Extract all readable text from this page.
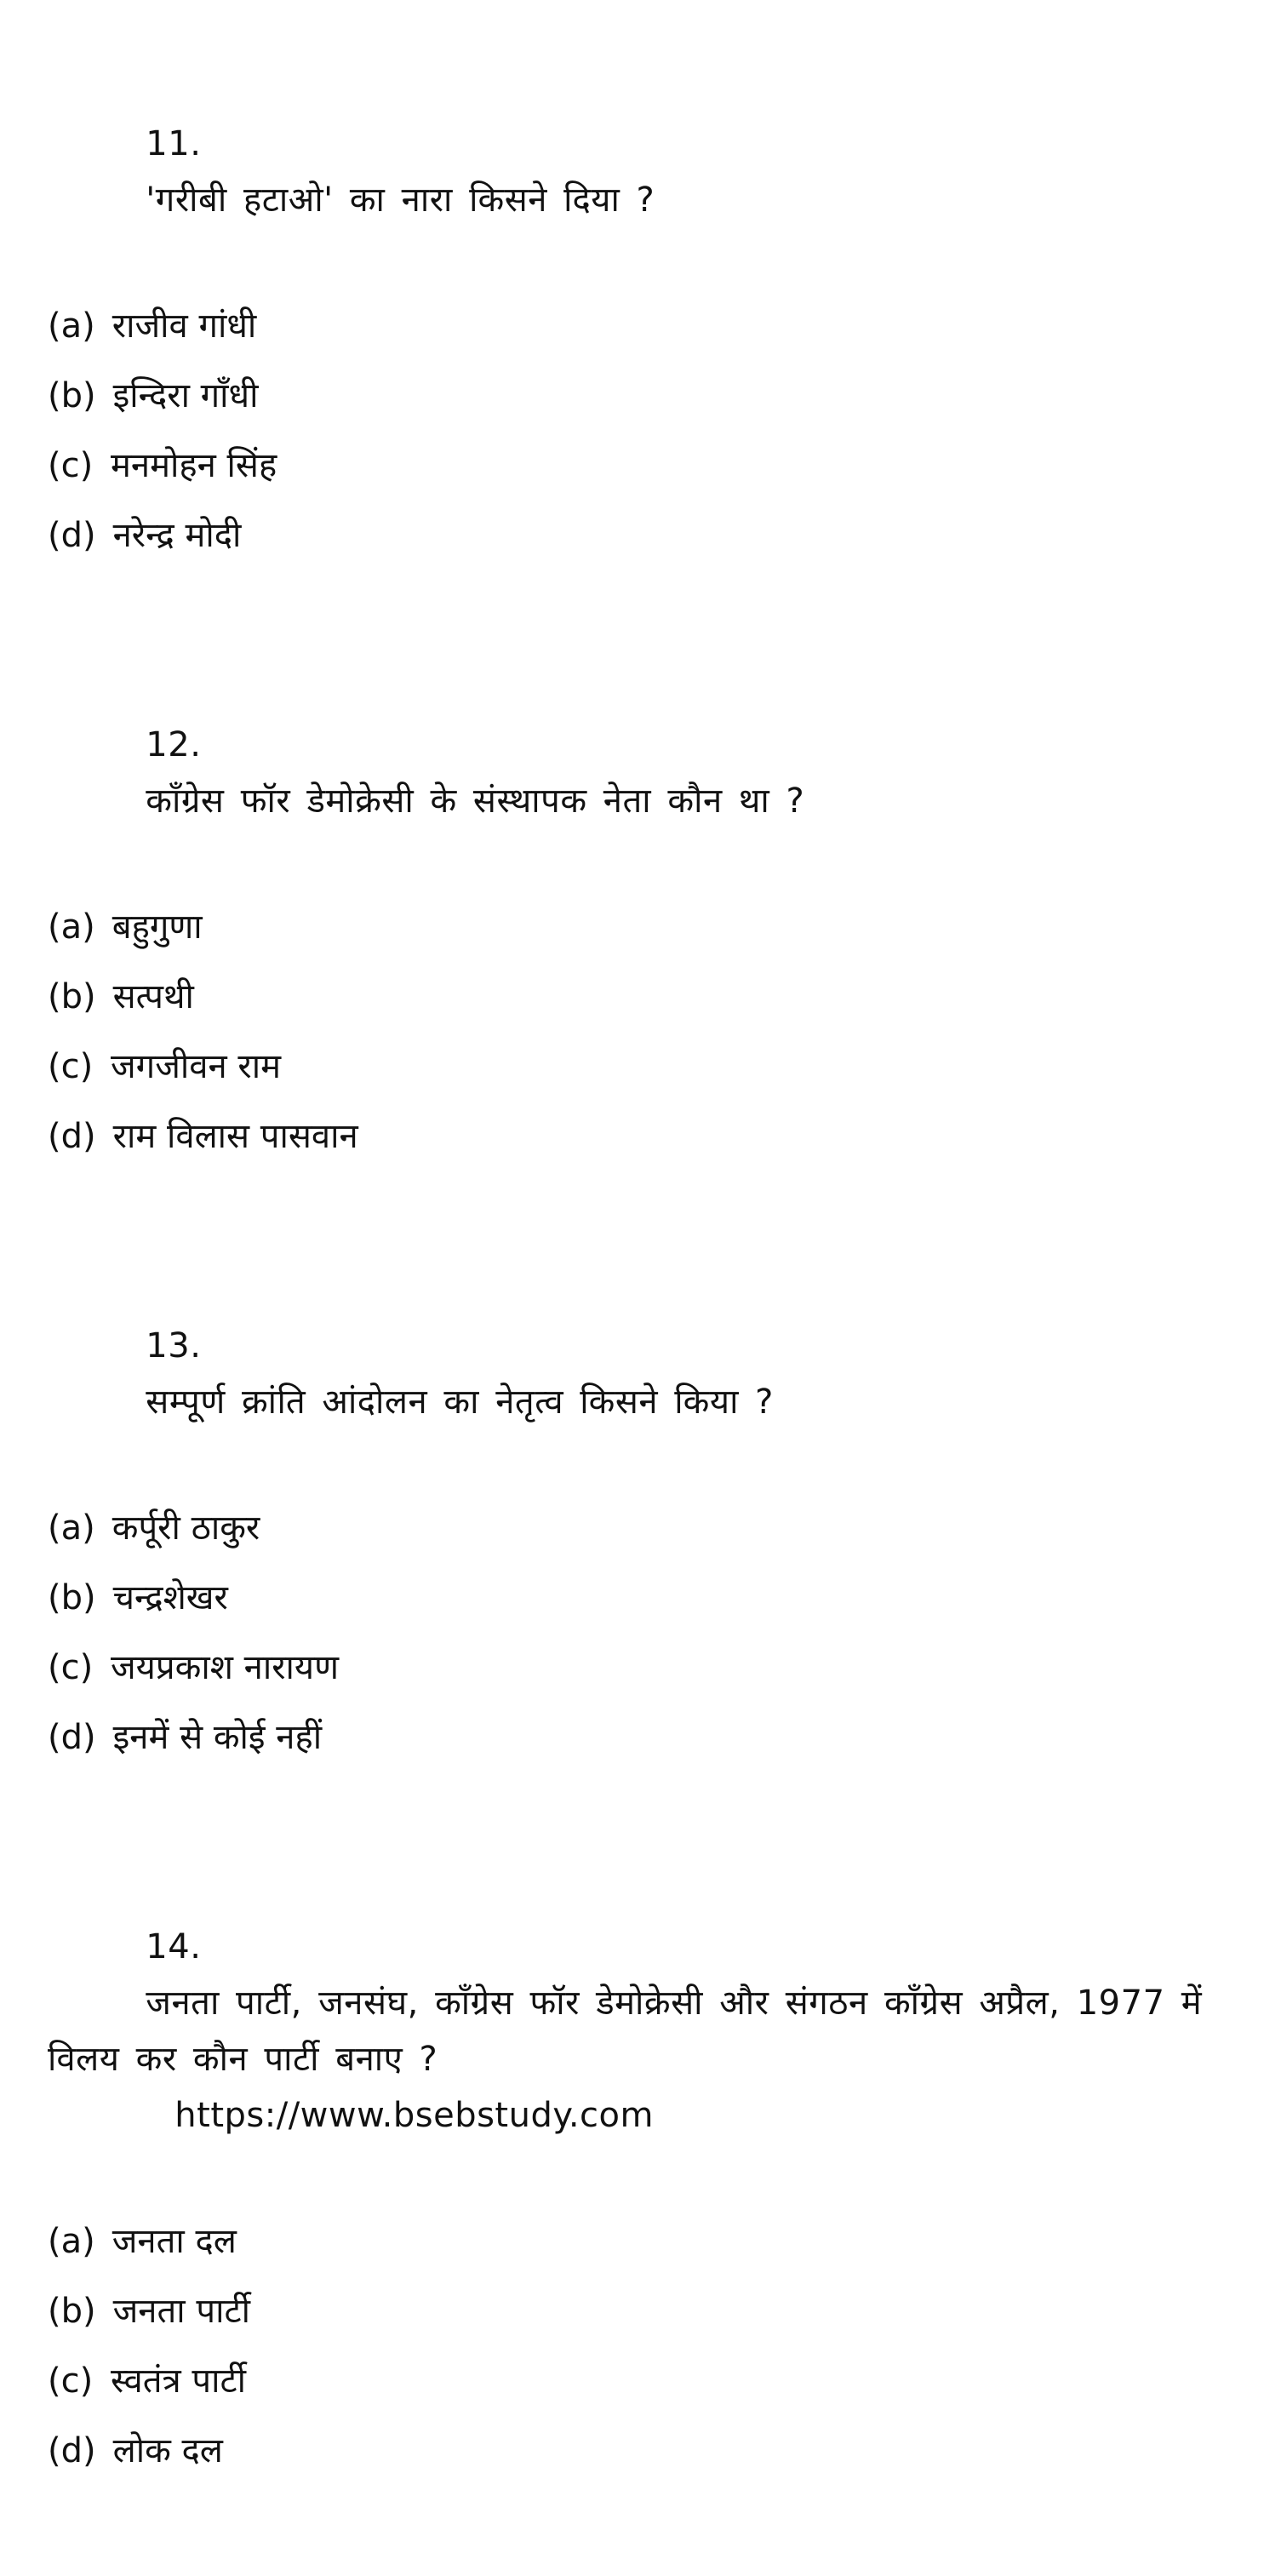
11.
'गरीबी हटाओ' का नारा किसने दिया ?

(a) राजीव गांधी
(b) इन्दिरा गाँधी
(c) मनमोहन सिंह
(d) नरेन्द्र मोदी

12.
काँग्रेस फॉर डेमोक्रेसी के संस्थापक नेता कौन था ?

(a) बहुगुणा
(b) सत्पथी
(c) जगजीवन राम
(d) राम विलास पासवान

13.
सम्पूर्ण क्रांति आंदोलन का नेतृत्व किसने किया ?

(a) कर्पूरी ठाकुर
(b) चन्द्रशेखर
(c) जयप्रकाश नारायण
(d) इनमें से कोई नहीं

14.
जनता पार्टी, जनसंघ, काँग्रेस फॉर डेमोक्रेसी और संगठन काँग्रेस अप्रैल, 1977 में विलय कर कौन पार्टी बनाए ?
https://www.bsebstudy.com

(a) जनता दल
(b) जनता पार्टी
(c) स्वतंत्र पार्टी
(d) लोक दल
